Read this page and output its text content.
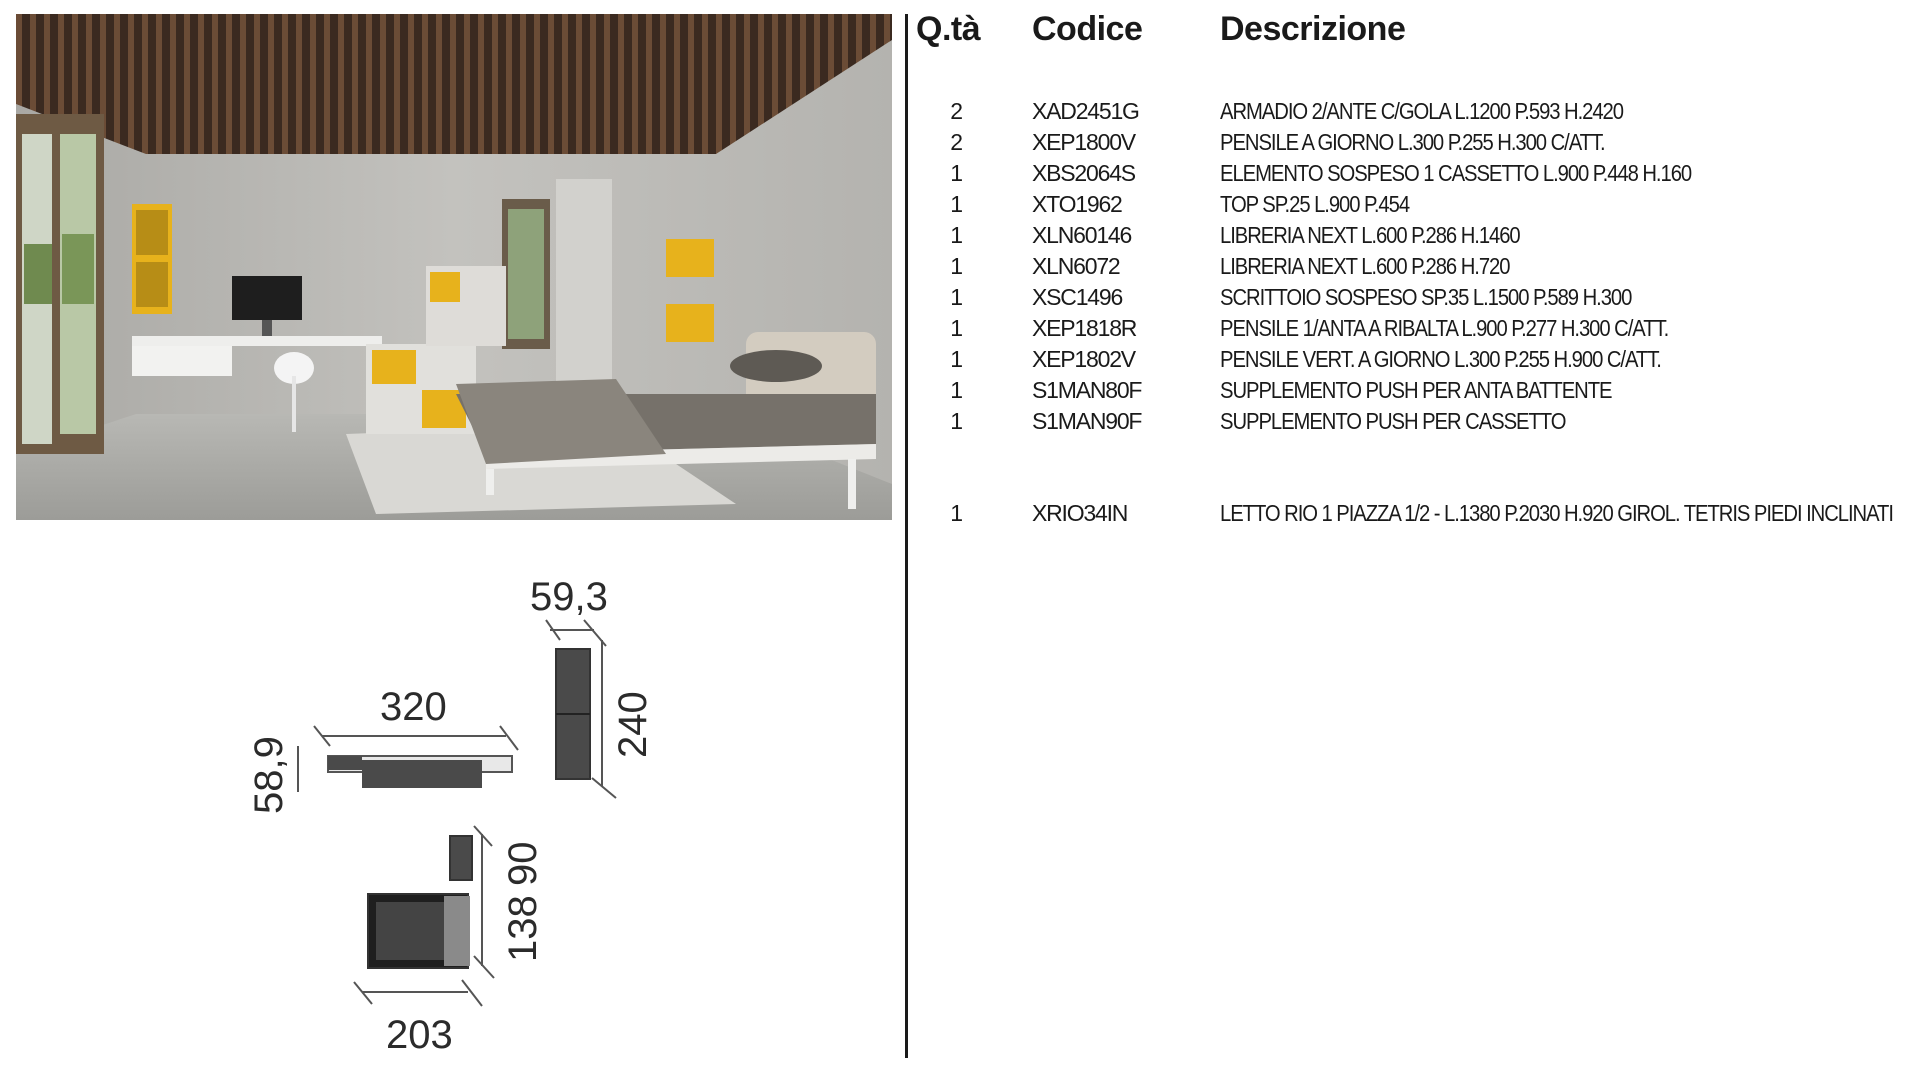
59,3
240
320
58,9
138
90
203
Q.tà Codice Descrizione
2	XAD2451G	ARMADIO 2/ANTE C/GOLA L.1200 P.593 H.2420
2	XEP1800V	PENSILE A GIORNO L.300 P.255 H.300 C/ATT.
1	XBS2064S	ELEMENTO SOSPESO 1 CASSETTO L.900 P.448 H.160
1	XTO1962	TOP SP.25 L.900 P.454
1	XLN60146	LIBRERIA NEXT L.600 P.286 H.1460
1	XLN6072	LIBRERIA NEXT L.600 P.286 H.720
1	XSC1496	SCRITTOIO SOSPESO SP.35 L.1500 P.589 H.300
1	XEP1818R	PENSILE 1/ANTA A RIBALTA L.900 P.277 H.300 C/ATT.
1	XEP1802V	PENSILE VERT. A GIORNO L.300 P.255 H.900 C/ATT.
1	S1MAN80F	SUPPLEMENTO PUSH PER ANTA BATTENTE
1	S1MAN90F	SUPPLEMENTO PUSH PER CASSETTO
1	XRIO34IN	LETTO RIO 1 PIAZZA 1/2 - L.1380 P.2030 H.920 GIROL. TETRIS PIEDI INCLINATI
